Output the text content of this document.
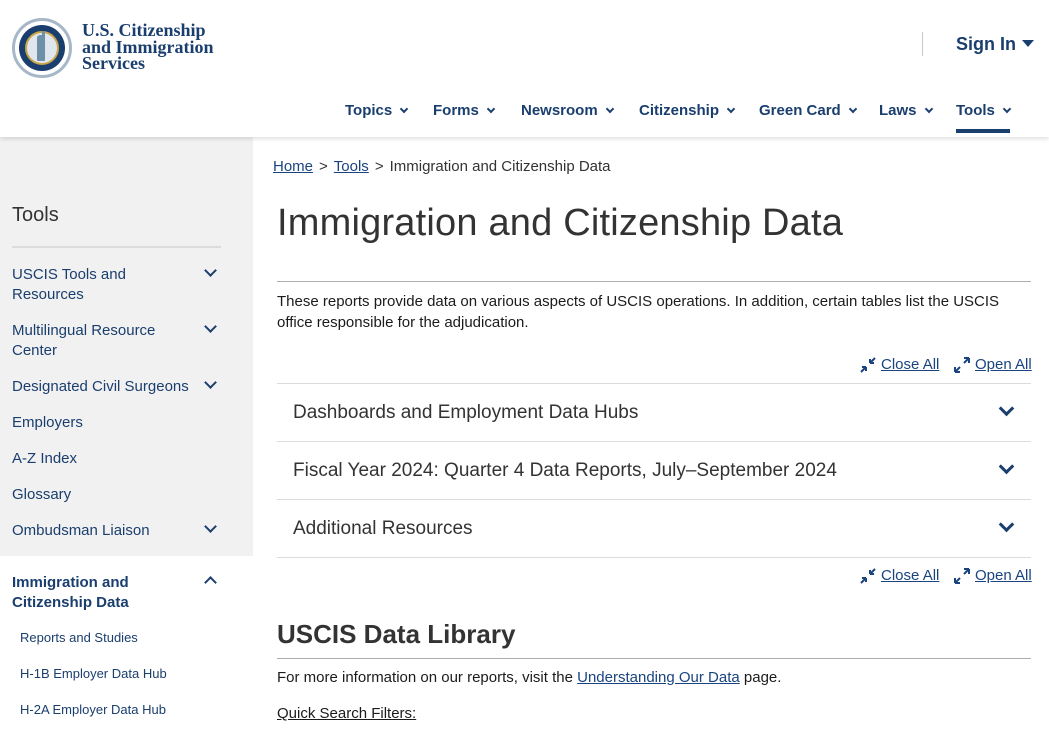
U.S. Citizenship
and Immigration
Services
Sign In
Topics	Forms	Newsroom	Citizenship	Green Card	Laws	Tools
Tools
USCIS Tools and Resources
Multilingual Resource Center
Designated Civil Surgeons
Employers
A-Z Index
Glossary
Ombudsman Liaison
Immigration and Citizenship Data
Reports and Studies
H-1B Employer Data Hub
H-2A Employer Data Hub
Home > Tools > Immigration and Citizenship Data
Immigration and Citizenship Data

These reports provide data on various aspects of USCIS operations. In addition, certain tables list the USCIS office responsible for the adjudication.

Close All Open All
Dashboards and Employment Data Hubs
Fiscal Year 2024: Quarter 4 Data Reports, July–September 2024
Additional Resources
Close All Open All
USCIS Data Library

For more information on our reports, visit the Understanding Our Data page.

Quick Search Filters:
